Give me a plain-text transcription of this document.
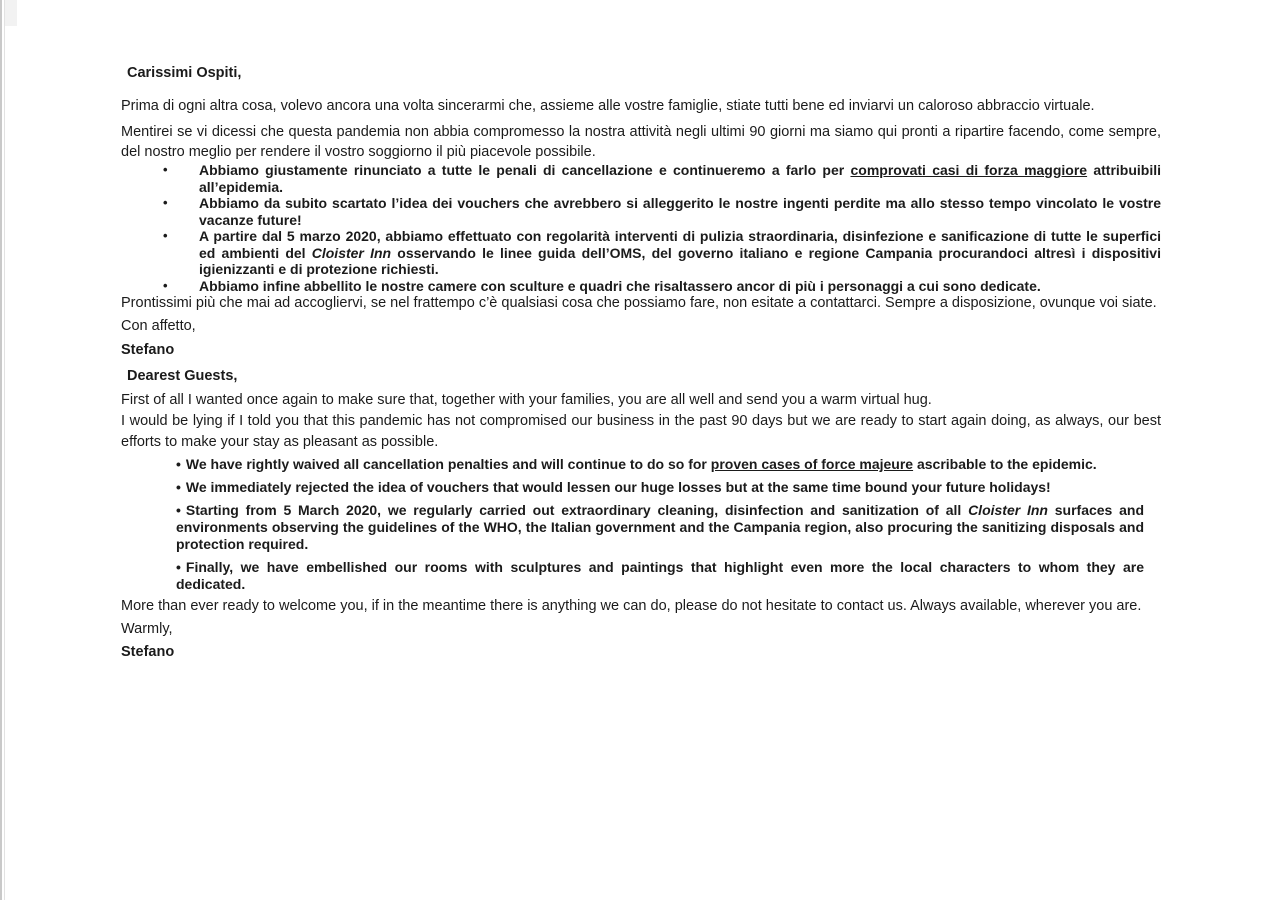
Carissimi Ospiti,

Prima di ogni altra cosa, volevo ancora una volta sincerarmi che, assieme alle vostre famiglie, stiate tutti bene ed inviarvi un caloroso abbraccio virtuale.

Mentirei se vi dicessi che questa pandemia non abbia compromesso la nostra attività negli ultimi 90 giorni ma siamo qui pronti a ripartire facendo, come sempre, del nostro meglio per rendere il vostro soggiorno il più piacevole possibile.

•	Abbiamo giustamente rinunciato a tutte le penali di cancellazione e continueremo a farlo per comprovati casi di forza maggiore attribuibili all’epidemia.
•	Abbiamo da subito scartato l’idea dei vouchers che avrebbero si alleggerito le nostre ingenti perdite ma allo stesso tempo vincolato le vostre vacanze future!
•	A partire dal 5 marzo 2020, abbiamo effettuato con regolarità interventi di pulizia straordinaria, disinfezione e sanificazione di tutte le superfici ed ambienti del Cloister Inn osservando le linee guida dell’OMS, del governo italiano e regione Campania procurandoci altresì i dispositivi igienizzanti e di protezione richiesti.
•	Abbiamo infine abbellito le nostre camere con sculture e quadri che risaltassero ancor di più i personaggi a cui sono dedicate.

Prontissimi più che mai ad accogliervi, se nel frattempo c’è qualsiasi cosa che possiamo fare, non esitate a contattarci. Sempre a disposizione, ovunque voi siate.

Con affetto,

Stefano

Dearest Guests,

First of all I wanted once again to make sure that, together with your families, you are all well and send you a warm virtual hug.

I would be lying if I told you that this pandemic has not compromised our business in the past 90 days but we are ready to start again doing, as always, our best efforts to make your stay as pleasant as possible.

• We have rightly waived all cancellation penalties and will continue to do so for proven cases of force majeure ascribable to the epidemic.

• We immediately rejected the idea of vouchers that would lessen our huge losses but at the same time bound your future holidays!

• Starting from 5 March 2020, we regularly carried out extraordinary cleaning, disinfection and sanitization of all Cloister Inn surfaces and environments observing the guidelines of the WHO, the Italian government and the Campania region, also procuring the sanitizing disposals and protection required.

• Finally, we have embellished our rooms with sculptures and paintings that highlight even more the local characters to whom they are dedicated.

More than ever ready to welcome you, if in the meantime there is anything we can do, please do not hesitate to contact us. Always available, wherever you are.

Warmly,

Stefano
